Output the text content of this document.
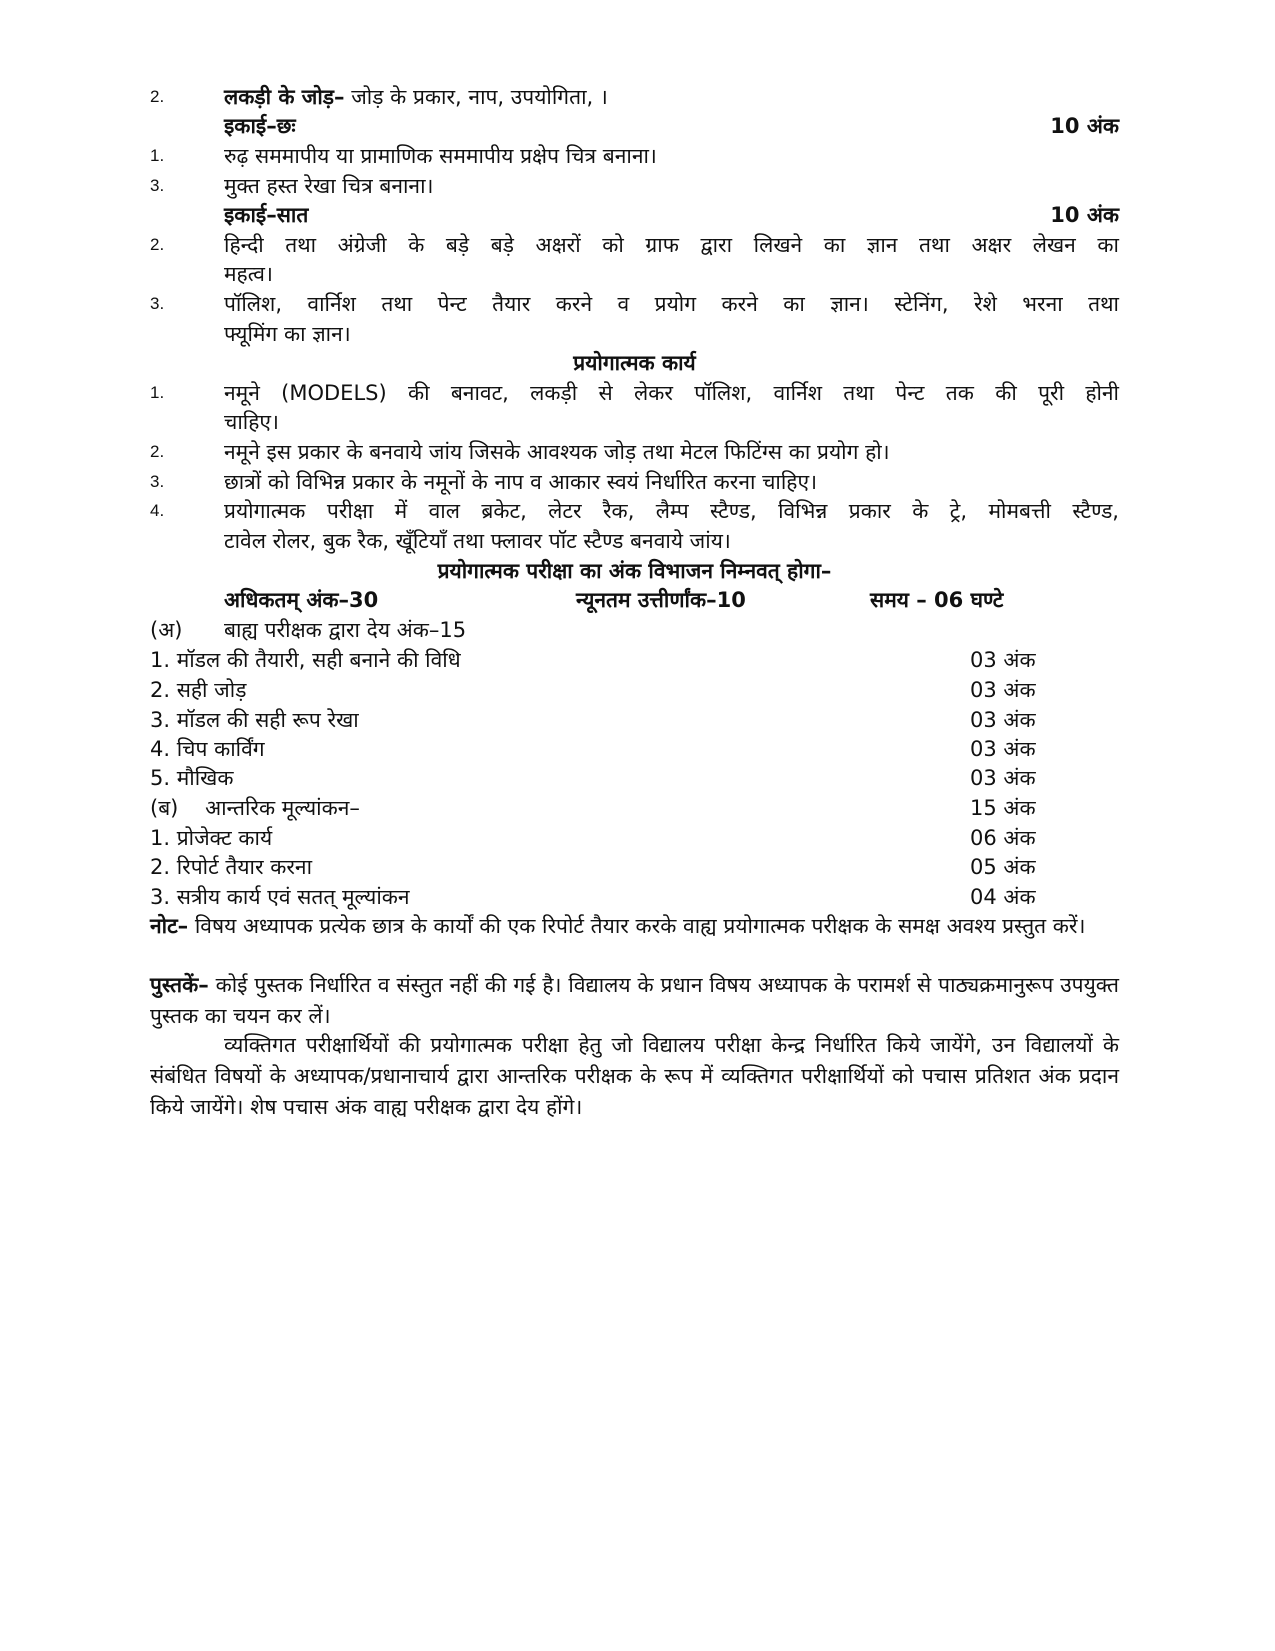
2.	लकड़ी के जोड़– जोड़ के प्रकार, नाप, उपयोगिता, ।
इकाई–छः	10 अंक
1.	रुढ़ सममापीय या प्रामाणिक सममापीय प्रक्षेप चित्र बनाना।
3.	मुक्त हस्त रेखा चित्र बनाना।
इकाई–सात	10 अंक
2.	हिन्दी तथा अंग्रेजी के बड़े बड़े अक्षरों को ग्राफ द्वारा लिखने का ज्ञान तथा अक्षर लेखन का
महत्व।
3.	पॉलिश, वार्निश तथा पेन्ट तैयार करने व प्रयोग करने का ज्ञान। स्टेनिंग, रेशे भरना तथा
फ्यूमिंग का ज्ञान।
प्रयोगात्मक कार्य
1.	नमूने (MODELS) की बनावट, लकड़ी से लेकर पॉलिश, वार्निश तथा पेन्ट तक की पूरी होनी
चाहिए।
2.	नमूने इस प्रकार के बनवाये जांय जिसके आवश्यक जोड़ तथा मेटल फिटिंग्स का प्रयोग हो।
3.	छात्रों को विभिन्न प्रकार के नमूनों के नाप व आकार स्वयं निर्धारित करना चाहिए।
4.	प्रयोगात्मक परीक्षा में वाल ब्रकेट, लेटर रैक, लैम्प स्टैण्ड, विभिन्न प्रकार के ट्रे, मोमबत्ती स्टैण्ड,
टावेल रोलर, बुक रैक, खूँटियाँ तथा फ्लावर पॉट स्टैण्ड बनवाये जांय।
प्रयोगात्मक परीक्षा का अंक विभाजन निम्नवत् होगा–
अधिकतम् अंक–30	न्यूनतम उत्तीर्णांक–10	समय – 06 घण्टे
(अ) बाह्य परीक्षक द्वारा देय अंक–15
1. मॉडल की तैयारी, सही बनाने की विधि	03 अंक
2. सही जोड़	03 अंक
3. मॉडल की सही रूप रेखा	03 अंक
4. चिप कार्विंग	03 अंक
5. मौखिक	03 अंक
(ब)    आन्तरिक मूल्यांकन–	15 अंक
1. प्रोजेक्ट कार्य	06 अंक
2. रिपोर्ट तैयार करना	05 अंक
3. सत्रीय कार्य एवं सतत् मूल्यांकन	04 अंक
नोट– विषय अध्यापक प्रत्येक छात्र के कार्यों की एक रिपोर्ट तैयार करके वाह्य प्रयोगात्मक परीक्षक के समक्ष अवश्य प्रस्तुत करें।
पुस्तकें– कोई पुस्तक निर्धारित व संस्तुत नहीं की गई है। विद्यालय के प्रधान विषय अध्यापक के परामर्श से पाठ्यक्रमानुरूप उपयुक्त पुस्तक का चयन कर लें।
व्यक्तिगत परीक्षार्थियों की प्रयोगात्मक परीक्षा हेतु जो विद्यालय परीक्षा केन्द्र निर्धारित किये जायेंगे, उन विद्यालयों के संबंधित विषयों के अध्यापक/प्रधानाचार्य द्वारा आन्तरिक परीक्षक के रूप में व्यक्तिगत परीक्षार्थियों को पचास प्रतिशत अंक प्रदान किये जायेंगे। शेष पचास अंक वाह्य परीक्षक द्वारा देय होंगे।
